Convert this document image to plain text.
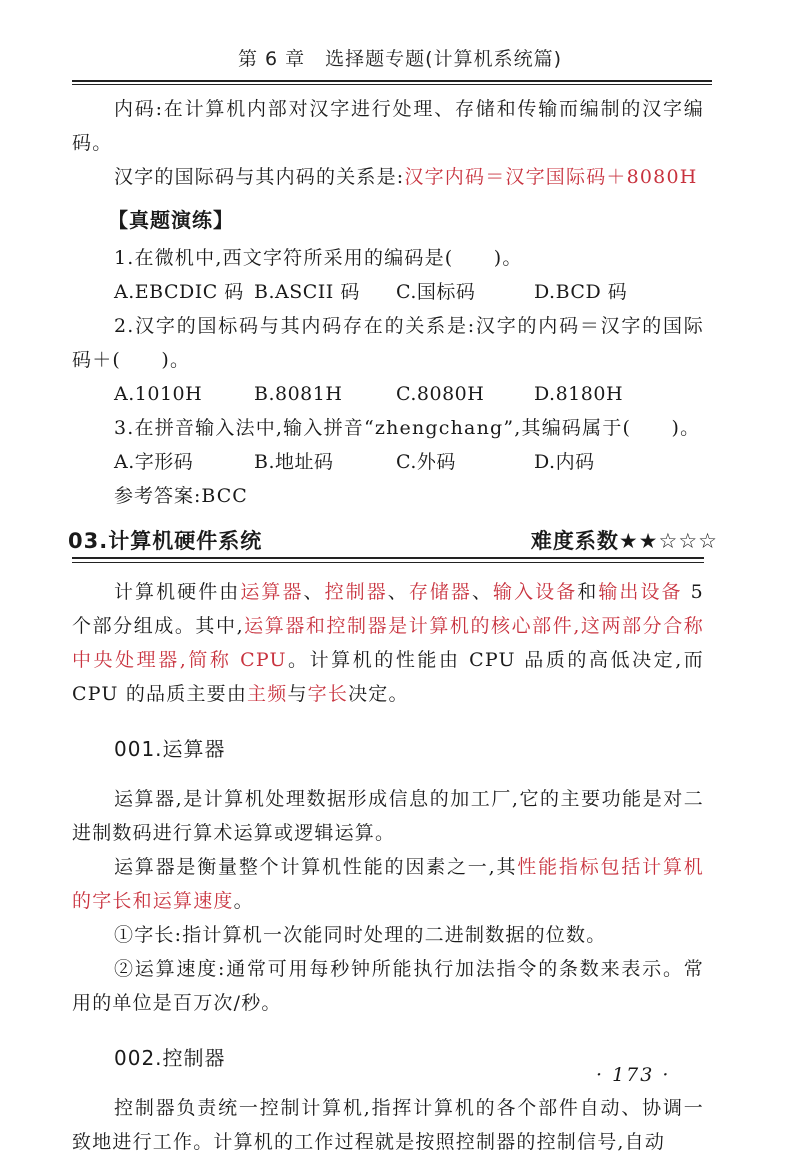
第 6 章　选择题专题(计算机系统篇)

内码:在计算机内部对汉字进行处理、存储和传输而编制的汉字编码。

汉字的国际码与其内码的关系是:汉字内码＝汉字国际码＋8080H

【真题演练】

1.在微机中,西文字符所采用的编码是(　　)。

A.EBCDIC 码 B.ASCII 码	C.国标码	D.BCD 码

2.汉字的国标码与其内码存在的关系是:汉字的内码＝汉字的国际码＋(　　)。

A.1010H	B.8081H	C.8080H	D.8180H

3.在拼音输入法中,输入拼音“zhengchang”,其编码属于(　　)。

A.字形码	B.地址码	C.外码	D.内码
参考答案:BCC
03.计算机硬件系统	难度系数★★☆☆☆

计算机硬件由运算器、控制器、存储器、输入设备和输出设备 5 个部分组成。其中,运算器和控制器是计算机的核心部件,这两部分合称中央处理器,简称 CPU。计算机的性能由 CPU 品质的高低决定,而 CPU 的品质主要由主频与字长决定。

001.运算器

运算器,是计算机处理数据形成信息的加工厂,它的主要功能是对二进制数码进行算术运算或逻辑运算。

运算器是衡量整个计算机性能的因素之一,其性能指标包括计算机的字长和运算速度。

①字长:指计算机一次能同时处理的二进制数据的位数。

②运算速度:通常可用每秒钟所能执行加法指令的条数来表示。常用的单位是百万次/秒。

002.控制器

控制器负责统一控制计算机,指挥计算机的各个部件自动、协调一致地进行工作。计算机的工作过程就是按照控制器的控制信号,自动

· 173 ·
